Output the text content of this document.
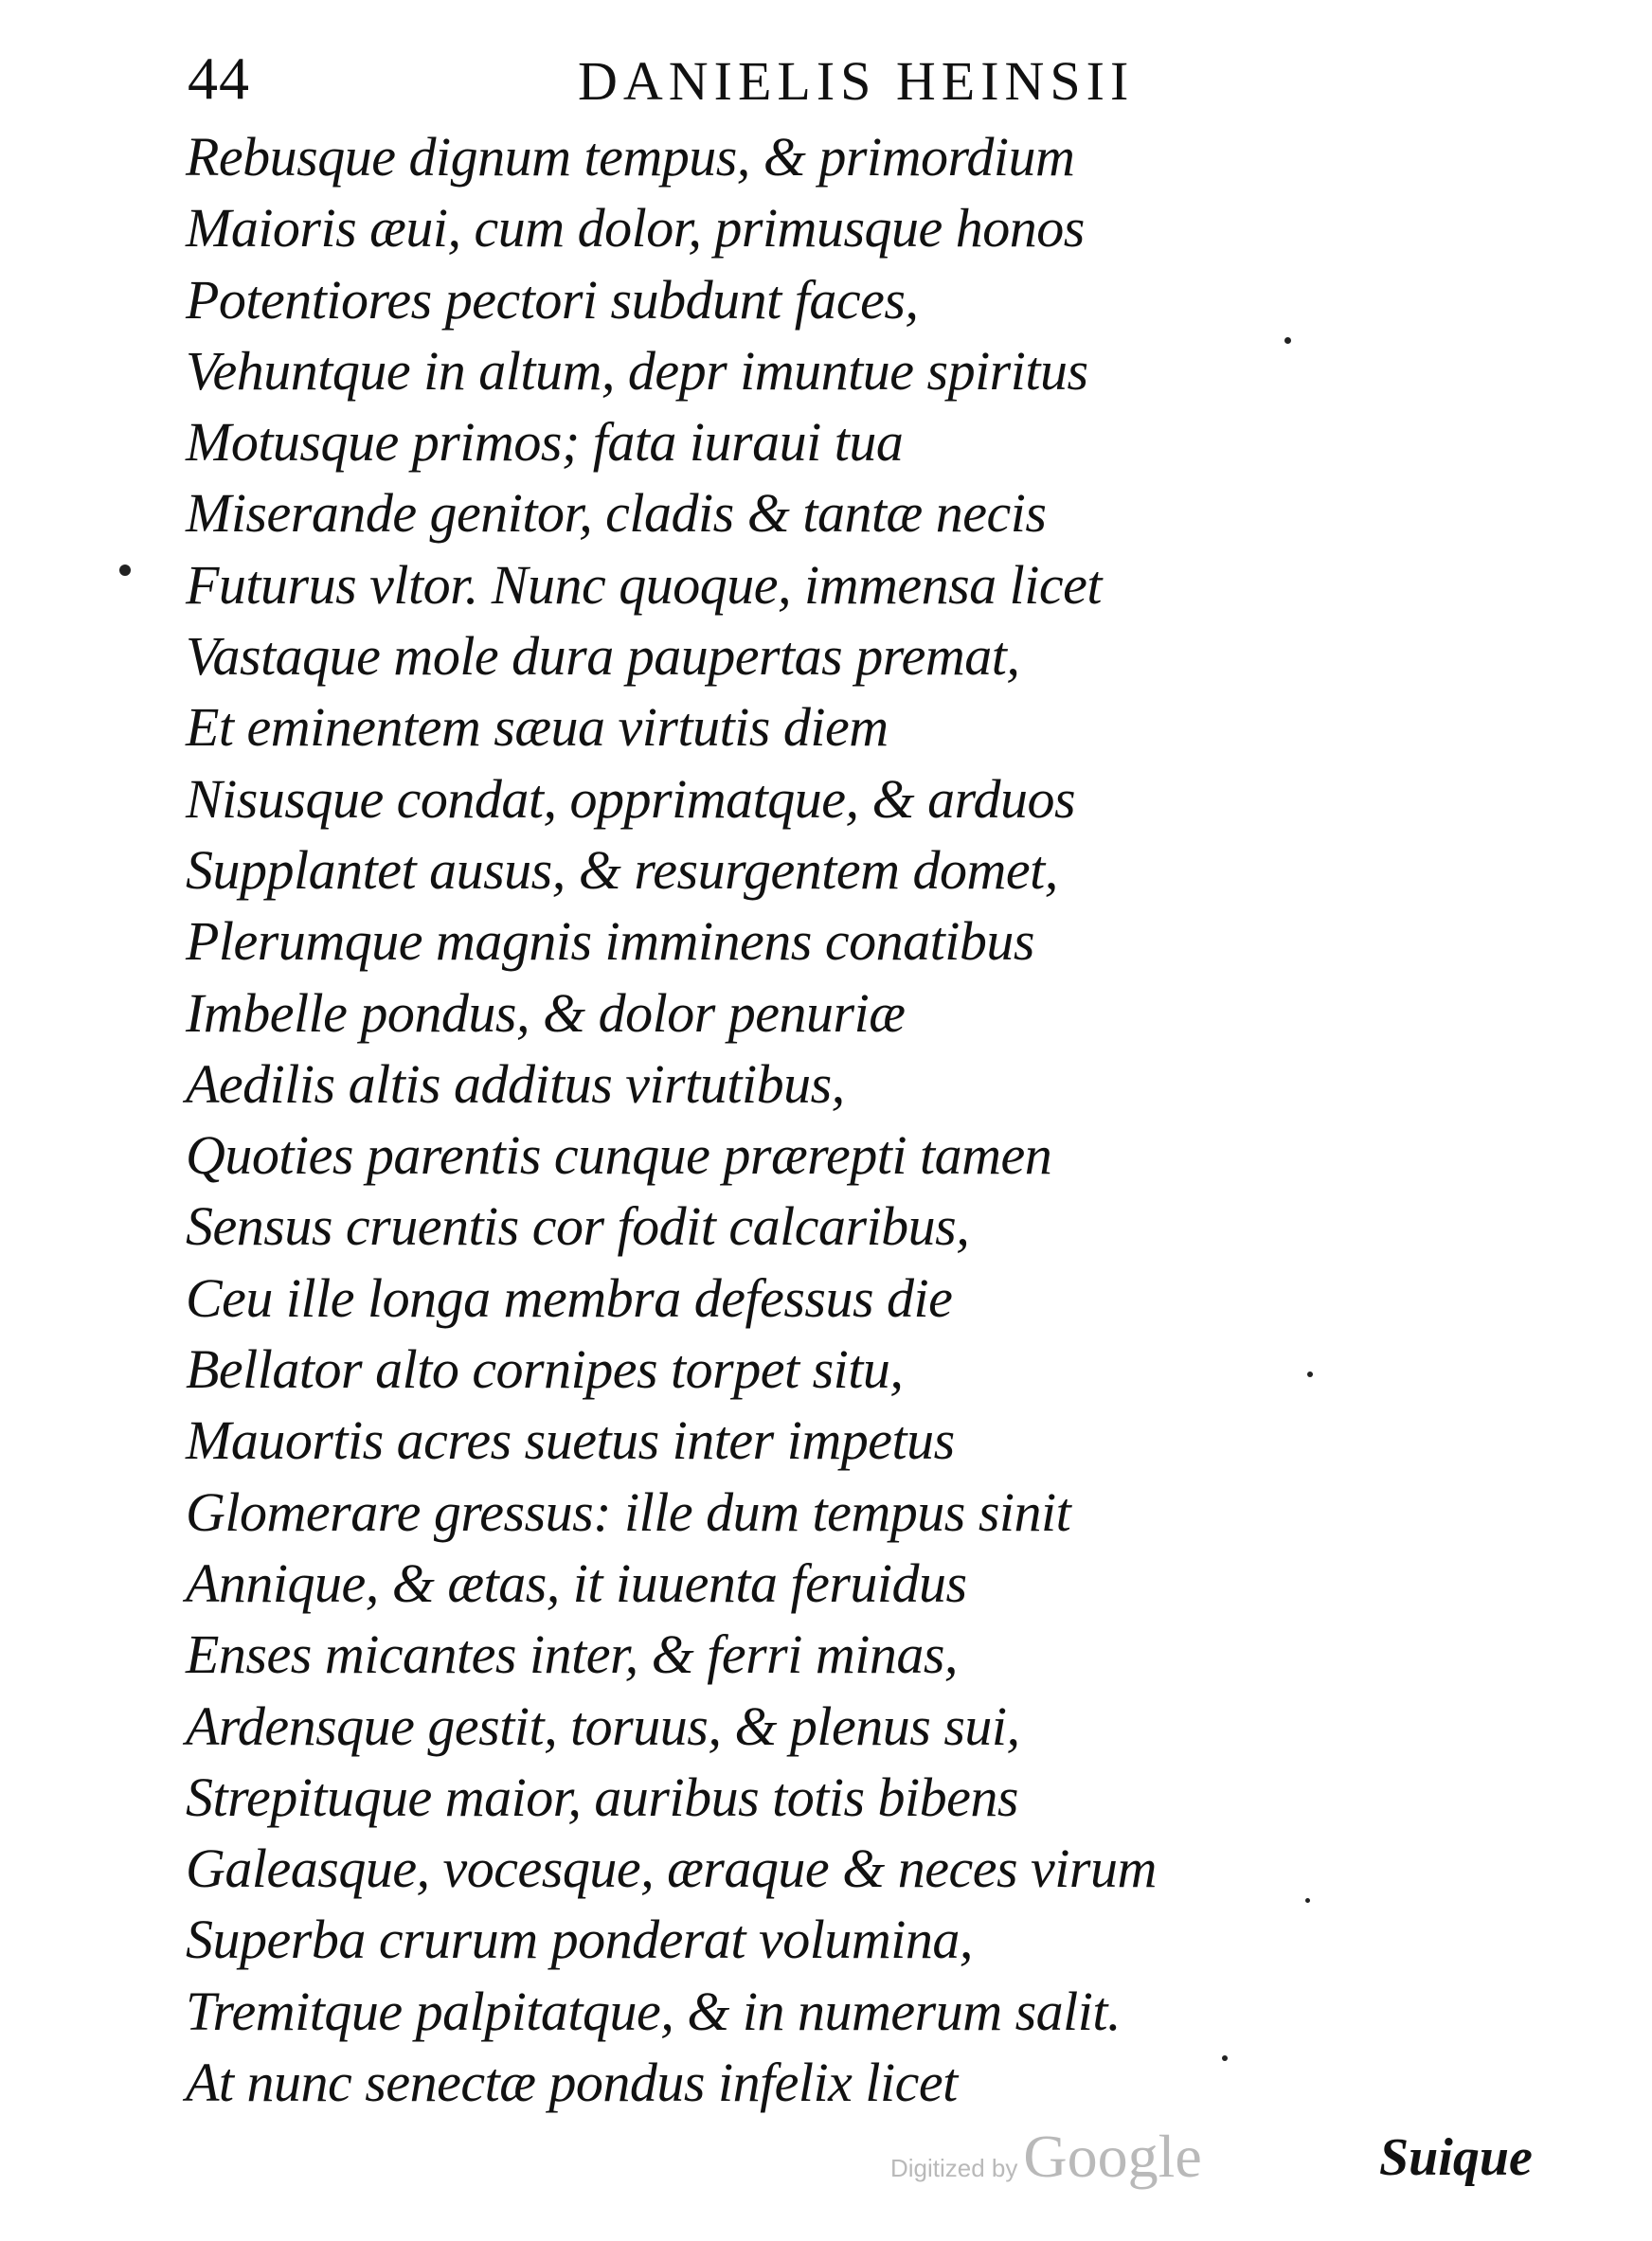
44	DANIELIS HEINSII
Rebusque dignum tempus, & primordium
Maioris æui, cum dolor, primusque honos
Potentiores pectori subdunt faces,
Vehuntque in altum, depr imuntue spiritus
Motusque primos; fata iuraui tua
Miserande genitor, cladis & tantæ necis
Futurus vltor. Nunc quoque, immensa licet
Vastaque mole dura paupertas premat,
Et eminentem sæua virtutis diem
Nisusque condat, opprimatque, & arduos
Supplantet ausus, & resurgentem domet,
Plerumque magnis imminens conatibus
Imbelle pondus, & dolor penuriæ
Aedilis altis additus virtutibus,
Quoties parentis cunque prærepti tamen
Sensus cruentis cor fodit calcaribus,
Ceu ille longa membra defessus die
Bellator alto cornipes torpet situ,
Mauortis acres suetus inter impetus
Glomerare gressus: ille dum tempus sinit
Annique, & ætas, it iuuenta feruidus
Enses micantes inter, & ferri minas,
Ardensque gestit, toruus, & plenus sui,
Strepituque maior, auribus totis bibens
Galeasque, vocesque, æraque & neces virum
Superba crurum ponderat volumina,
Tremitque palpitatque, & in numerum salit.
At nunc senectæ pondus infelix licet
Digitized by Google	Suique
